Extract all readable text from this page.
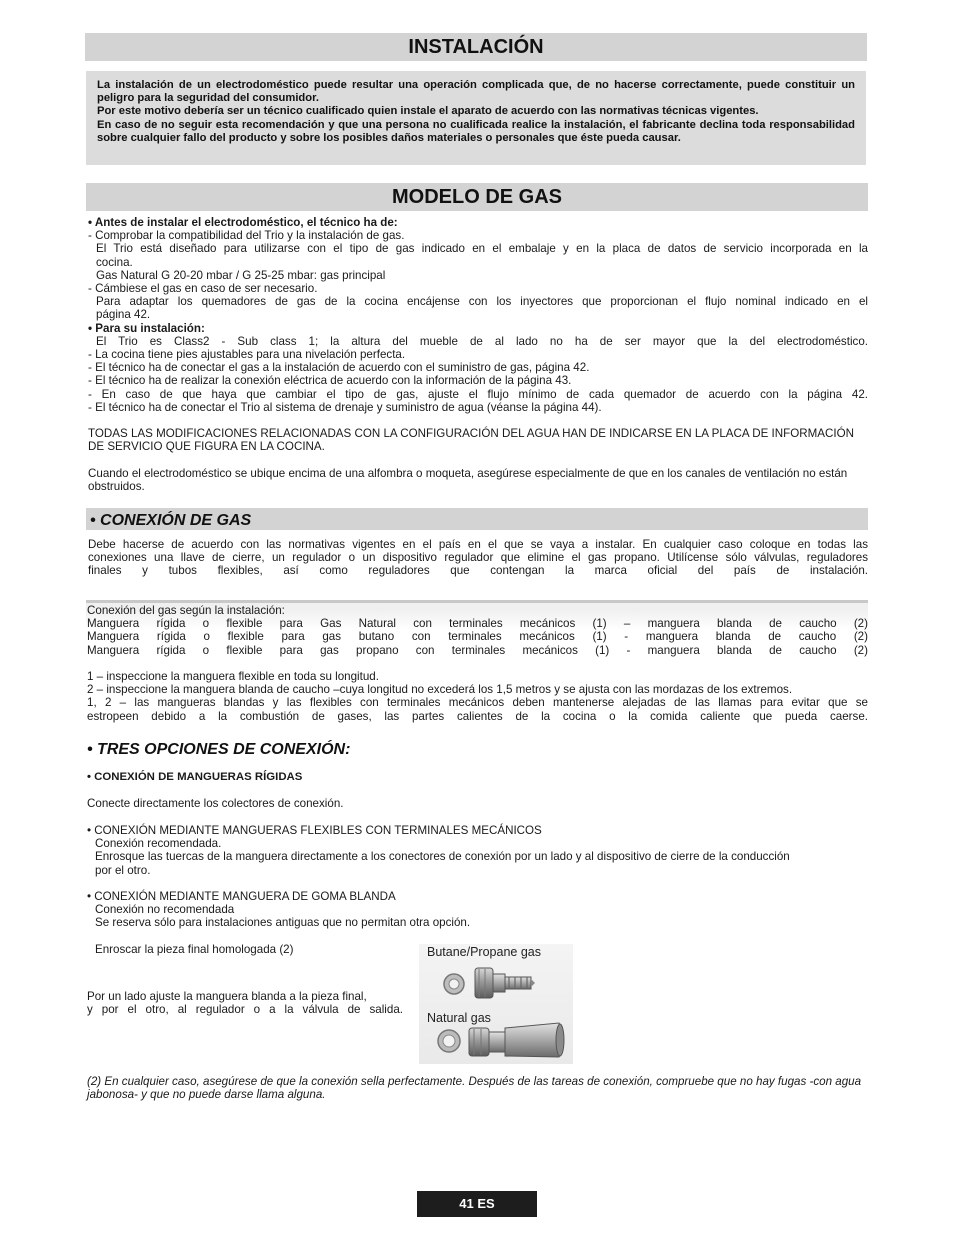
INSTALACIÓN

La instalación de un electrodoméstico puede resultar una operación complicada que, de no hacerse correctamente, puede constituir un peligro para la seguridad del consumidor.

Por este motivo debería ser un técnico cualificado quien instale el aparato de acuerdo con las normativas técnicas vigentes.

En caso de no seguir esta recomendación y que una persona no cualificada realice la instalación, el fabricante declina toda responsabilidad sobre cualquier fallo del producto y sobre los posibles daños materiales o personales que éste pueda causar.

MODELO DE GAS

• Antes de instalar el electrodoméstico, el técnico ha de:

- Comprobar la compatibilidad del Trio y la instalación de gas.

El Trio está diseñado para utilizarse con el tipo de gas indicado en el embalaje y en la placa de datos de servicio incorporada en la

cocina.

Gas Natural G 20-20 mbar / G 25-25 mbar: gas principal

- Cámbiese el gas en caso de ser necesario.

Para adaptar los quemadores de gas de la cocina encájense con los inyectores que proporcionan el flujo nominal indicado en el

página 42.

• Para su instalación:

El Trio es Class2 - Sub class 1; la altura del mueble de al lado no ha de ser mayor que la del electrodoméstico.

- La cocina tiene pies ajustables para una nivelación perfecta.

- El técnico ha de conectar el gas a la instalación de acuerdo con el suministro de gas, página 42.

- El técnico ha de realizar la conexión eléctrica de acuerdo con la información de la página 43.

- En caso de que haya que cambiar el tipo de gas, ajuste el flujo mínimo de cada quemador de acuerdo con la página 42.

- El técnico ha de conectar el Trio al sistema de drenaje y suministro de agua (véanse la página 44).

TODAS LAS MODIFICACIONES RELACIONADAS CON LA CONFIGURACIÓN DEL AGUA HAN DE INDICARSE EN LA PLACA DE INFORMACIÓN DE SERVICIO QUE FIGURA EN LA COCINA.

Cuando el electrodoméstico se ubique encima de una alfombra o moqueta, asegúrese especialmente de que en los canales de ventilación no están obstruidos.

• CONEXIÓN DE GAS

Debe hacerse de acuerdo con las normativas vigentes en el país en el que se vaya a instalar. En cualquier caso coloque en todas las

conexiones una llave de cierre, un regulador o un dispositivo regulador que elimine el gas propano. Utilícense sólo válvulas, reguladores

finales y tubos flexibles, así como reguladores que contengan la marca oficial del país de instalación.

Conexión del gas según la instalación:

Manguera rígida o flexible para Gas Natural con terminales mecánicos (1) – manguera blanda de caucho (2)

Manguera rígida o flexible para gas butano con terminales mecánicos (1) - manguera blanda de caucho (2)

Manguera rígida o flexible para gas propano con terminales mecánicos (1) - manguera blanda de caucho (2)

1 – inspeccione la manguera flexible en toda su longitud.

2 – inspeccione la manguera blanda de caucho –cuya longitud no excederá los 1,5 metros y se ajusta con las mordazas de los extremos.

1, 2 – las mangueras blandas y las flexibles con terminales mecánicos deben mantenerse alejadas de las llamas para evitar que se

estropeen debido a la combustión de gases, las partes calientes de la cocina o la comida caliente que pueda caerse.

• TRES OPCIONES DE CONEXIÓN:
• CONEXIÓN DE MANGUERAS RÍGIDAS
Conecte directamente los colectores de conexión.

• CONEXIÓN MEDIANTE MANGUERAS FLEXIBLES CON TERMINALES MECÁNICOS

Conexión recomendada.

Enrosque las tuercas de la manguera directamente a los conectores de conexión por un lado y al dispositivo de cierre de la conducción

por el otro.

• CONEXIÓN MEDIANTE MANGUERA DE GOMA BLANDA

Conexión no recomendada

Se reserva sólo para instalaciones antiguas que no permitan otra opción.

Enroscar la pieza final homologada (2)

Por un lado ajuste la manguera blanda a la pieza final,

y por el otro, al regulador o a la válvula de salida.

Butane/Propane gas
Natural gas

(2) En cualquier caso, asegúrese de que la conexión sella perfectamente. Después de las tareas de conexión, compruebe que no hay fugas -con agua jabonosa- y que no puede darse llama alguna.

41 ES
